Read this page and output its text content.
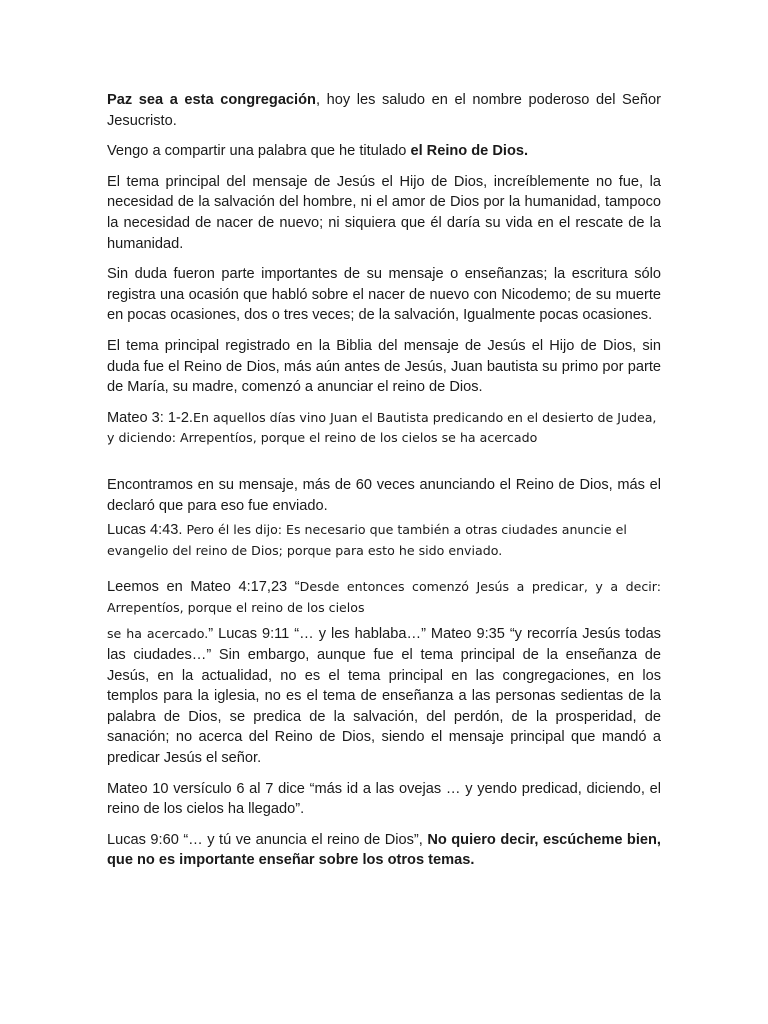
Paz sea a esta congregación, hoy les saludo en el nombre poderoso del Señor Jesucristo.

Vengo a compartir una palabra que he titulado el Reino de Dios.

El tema principal del mensaje de Jesús el Hijo de Dios, increíblemente no fue, la necesidad de la salvación del hombre, ni el amor de Dios por la humanidad, tampoco la necesidad de nacer de nuevo; ni siquiera que él daría su vida en el rescate de la humanidad.

Sin duda fueron parte importantes de su mensaje o enseñanzas; la escritura sólo registra una ocasión que habló sobre el nacer de nuevo con Nicodemo; de su muerte en pocas ocasiones, dos o tres veces; de la salvación, Igualmente pocas ocasiones.

El tema principal registrado en la Biblia del mensaje de Jesús el Hijo de Dios, sin duda fue el Reino de Dios, más aún antes de Jesús, Juan bautista su primo por parte de María, su madre, comenzó a anunciar el reino de Dios.

Mateo 3: 1-2.En aquellos días vino Juan el Bautista predicando en el desierto de Judea, y diciendo: Arrepentíos, porque el reino de los cielos se ha acercado

Encontramos en su mensaje, más de 60 veces anunciando el Reino de Dios, más el declaró que para eso fue enviado.

Lucas 4:43. Pero él les dijo: Es necesario que también a otras ciudades anuncie el evangelio del reino de Dios; porque para esto he sido enviado.

Leemos en Mateo 4:17,23 “Desde entonces comenzó Jesús a predicar, y a decir: Arrepentíos, porque el reino de los cielos

se ha acercado.” Lucas 9:11 “… y les hablaba…” Mateo 9:35 “y recorría Jesús todas las ciudades…” Sin embargo, aunque fue el tema principal de la enseñanza de Jesús, en la actualidad, no es el tema principal en las congregaciones, en los templos para la iglesia, no es el tema de enseñanza a las personas sedientas de la palabra de Dios, se predica de la salvación, del perdón, de la prosperidad, de sanación; no acerca del Reino de Dios, siendo el mensaje principal que mandó a predicar Jesús el señor.

Mateo 10 versículo 6 al 7 dice “más id a las ovejas … y yendo predicad, diciendo, el reino de los cielos ha llegado”.

Lucas 9:60 “… y tú ve anuncia el reino de Dios”, No quiero decir, escúcheme bien, que no es importante enseñar sobre los otros temas.
